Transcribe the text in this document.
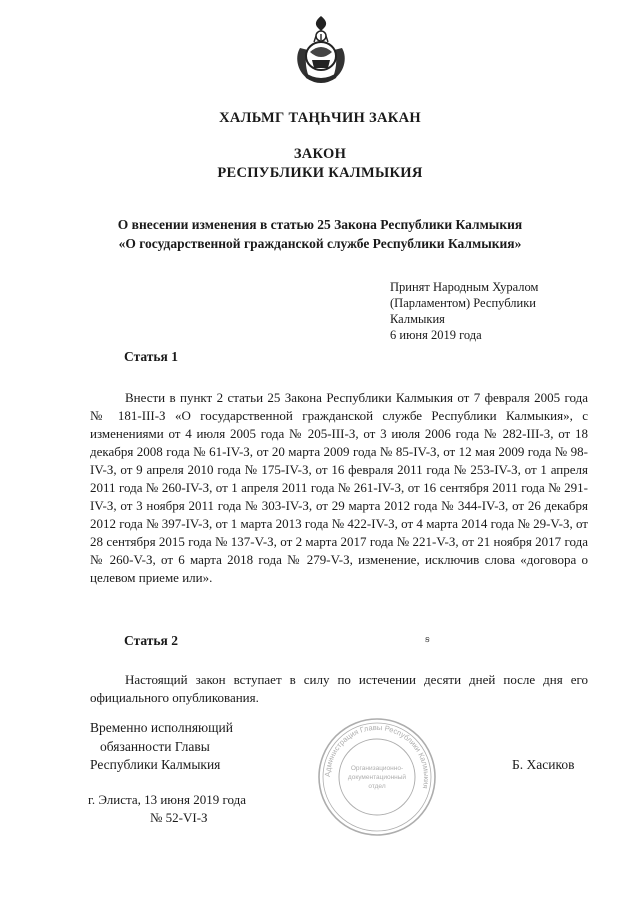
ХАЛЬМГ ТАҢҺЧИН ЗАКАН
ЗАКОН
РЕСПУБЛИКИ КАЛМЫКИЯ
О внесении изменения в статью 25 Закона Республики Калмыкия
«О государственной гражданской службе Республики Калмыкия»
Принят Народным Хуралом
(Парламентом) Республики
Калмыкия
6 июня 2019 года
Статья 1
Внести в пункт 2 статьи 25 Закона Республики Калмыкия от 7 февраля 2005 года № 181-III-З «О государственной гражданской службе Республики Калмыкия», с изменениями от 4 июля 2005 года № 205-III-З, от 3 июля 2006 года № 282-III-З, от 18 декабря 2008 года № 61-IV-З, от 20 марта 2009 года № 85-IV-З, от 12 мая 2009 года № 98-IV-З, от 9 апреля 2010 года № 175-IV-З, от 16 февраля 2011 года № 253-IV-З, от 1 апреля 2011 года № 260-IV-З, от 1 апреля 2011 года № 261-IV-З, от 16 сентября 2011 года № 291-IV-З, от 3 ноября 2011 года № 303-IV-З, от 29 марта 2012 года № 344-IV-З, от 26 декабря 2012 года № 397-IV-З, от 1 марта 2013 года № 422-IV-З, от 4 марта 2014 года № 29-V-З, от 28 сентября 2015 года № 137-V-З, от 2 марта 2017 года № 221-V-З, от 21 ноября 2017 года № 260-V-З, от 6 марта 2018 года № 279-V-З, изменение, исключив слова «договора о целевом приеме или».
Статья 2	ꞩ
Настоящий закон вступает в силу по истечении десяти дней после дня его официального опубликования.
Временно исполняющий
обязанности Главы
Республики Калмыкия
Администрация Главы Республики Калмыкия
Организационно-
документационный
отдел
Б. Хасиков
г. Элиста, 13 июня 2019 года
№ 52-VI-З
